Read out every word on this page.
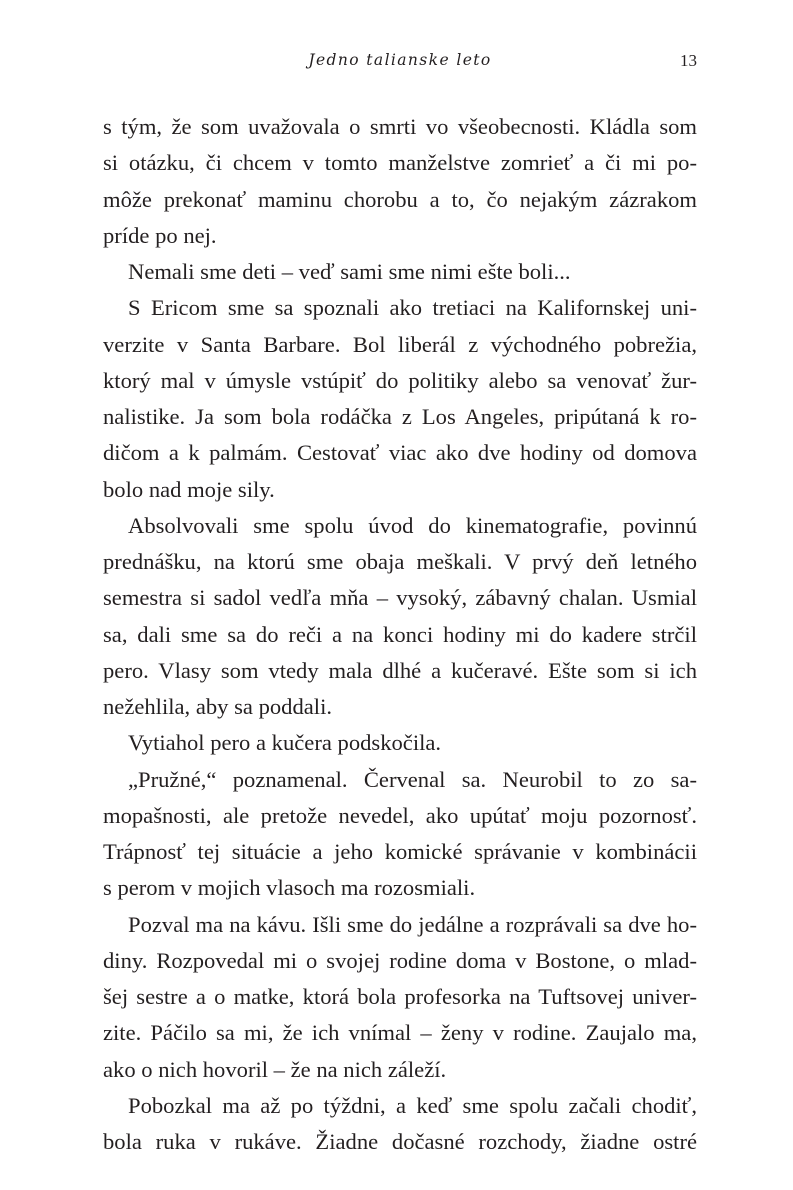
Jedno talianske leto	13
s tým, že som uvažovala o smrti vo všeobecnosti. Kládla som
si otázku, či chcem v tomto manželstve zomrieť a či mi po-
môže prekonať maminu chorobu a to, čo nejakým zázrakom
príde po nej.
Nemali sme deti – veď sami sme nimi ešte boli...
S Ericom sme sa spoznali ako tretiaci na Kalifornskej uni-
verzite v Santa Barbare. Bol liberál z východného pobrežia,
ktorý mal v úmysle vstúpiť do politiky alebo sa venovať žur-
nalistike. Ja som bola rodáčka z Los Angeles, pripútaná k ro-
dičom a k palmám. Cestovať viac ako dve hodiny od domova
bolo nad moje sily.
Absolvovali sme spolu úvod do kinematografie, povinnú
prednášku, na ktorú sme obaja meškali. V prvý deň letného
semestra si sadol vedľa mňa – vysoký, zábavný chalan. Usmial
sa, dali sme sa do reči a na konci hodiny mi do kadere strčil
pero. Vlasy som vtedy mala dlhé a kučeravé. Ešte som si ich
nežehlila, aby sa poddali.
Vytiahol pero a kučera podskočila.
„Pružné,“ poznamenal. Červenal sa. Neurobil to zo sa-
mopašnosti, ale pretože nevedel, ako upútať moju pozornosť.
Trápnosť tej situácie a jeho komické správanie v kombinácii
s perom v mojich vlasoch ma rozosmiali.
Pozval ma na kávu. Išli sme do jedálne a rozprávali sa dve ho-
diny. Rozpovedal mi o svojej rodine doma v Bostone, o mlad-
šej sestre a o matke, ktorá bola profesorka na Tuftsovej univer-
zite. Páčilo sa mi, že ich vnímal – ženy v rodine. Zaujalo ma,
ako o nich hovoril – že na nich záleží.
Pobozkal ma až po týždni, a keď sme spolu začali chodiť,
bola ruka v rukáve. Žiadne dočasné rozchody, žiadne ostré
